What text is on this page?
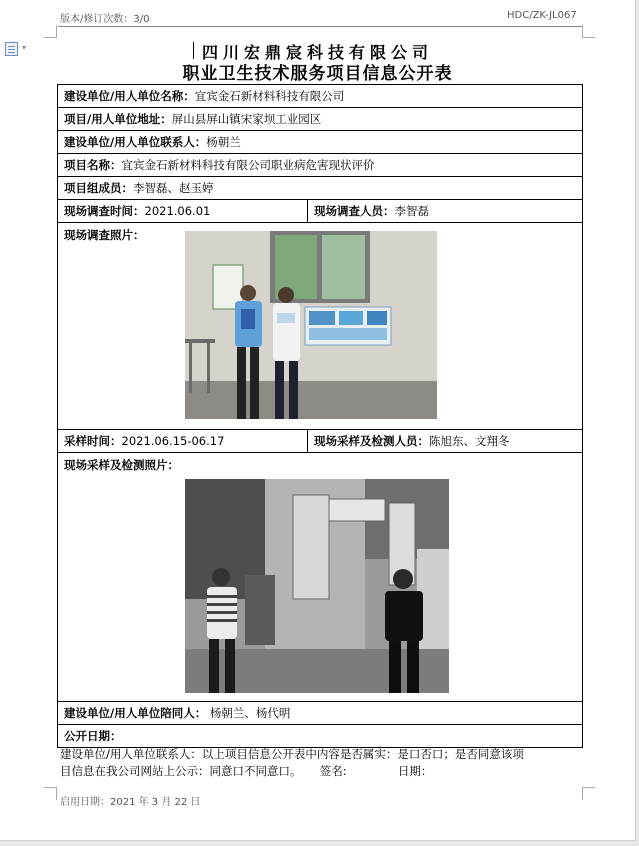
▾
版本/修订次数：3/0	HDC/ZK-JL067
四川宏鼎宸科技有限公司
职业卫生技术服务项目信息公开表
建设单位/用人单位名称：宜宾金石新材料科技有限公司	
项目/用人单位地址：屏山县屏山镇宋家坝工业园区	
建设单位/用人单位联系人：杨朝兰	
项目名称：宜宾金石新材料科技有限公司职业病危害现状评价	
项目组成员：李智磊、赵玉婷	
现场调查时间：2021.06.01	现场调查人员：李智磊
现场调查照片：	

采样时间：2021.06.15-06.17	现场采样及检测人员：陈旭东、文翔冬
现场采样及检测照片：	

建设单位/用人单位陪同人： 杨朝兰、杨代明	
公开日期：	
建设单位/用人单位联系人：以上项目信息公开表中内容是否属实：是口否口；是否同意该项
目信息在我公司网站上公示：同意口不同意口。     签名:              日期：
启用日期：2021 年 3 月 22 日
